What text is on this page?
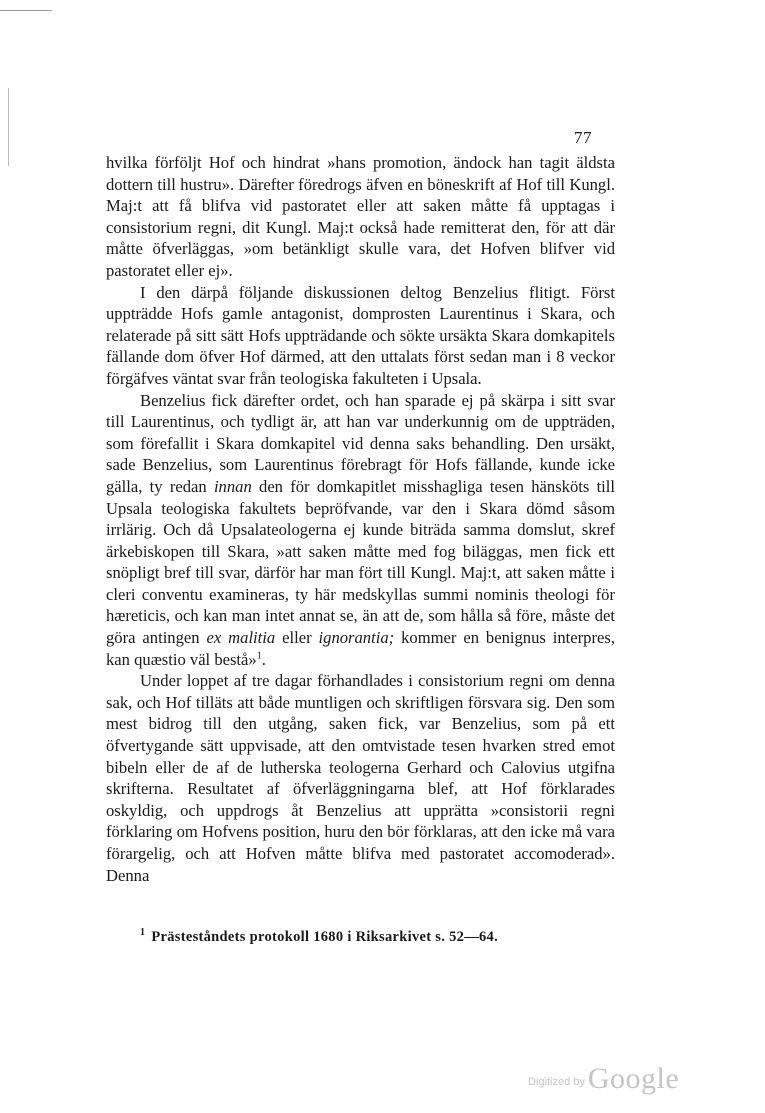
77

hvilka förföljt Hof och hindrat »hans promotion, ändock han tagit äldsta dottern till hustru». Därefter föredrogs äfven en böneskrift af Hof till Kungl. Maj:t att få blifva vid pastoratet eller att saken måtte få upptagas i consistorium regni, dit Kungl. Maj:t också hade remitterat den, för att där måtte öfverläggas, »om betänkligt skulle vara, det Hofven blifver vid pastoratet eller ej».

I den därpå följande diskussionen deltog Benzelius flitigt. Först uppträdde Hofs gamle antagonist, domprosten Laurentinus i Skara, och relaterade på sitt sätt Hofs uppträdande och sökte ursäkta Skara domkapitels fällande dom öfver Hof därmed, att den uttalats först sedan man i 8 veckor förgäfves väntat svar från teologiska fakulteten i Upsala.

Benzelius fick därefter ordet, och han sparade ej på skärpa i sitt svar till Laurentinus, och tydligt är, att han var underkunnig om de uppträden, som förefallit i Skara domkapitel vid denna saks behandling. Den ursäkt, sade Benzelius, som Laurentinus förebragt för Hofs fällande, kunde icke gälla, ty redan innan den för domkapitlet misshagliga tesen hänsköts till Upsala teologiska fakultets bepröfvande, var den i Skara dömd såsom irrlärig. Och då Upsalateologerna ej kunde biträda samma domslut, skref ärkebiskopen till Skara, »att saken måtte med fog biläggas, men fick ett snöpligt bref till svar, därför har man fört till Kungl. Maj:t, att saken måtte i cleri conventu examineras, ty här medskyllas summi nominis theologi för hæreticis, och kan man intet annat se, än att de, som hålla så före, måste det göra antingen ex malitia eller ignorantia; kommer en benignus interpres, kan quæstio väl bestå»$^1$.

Under loppet af tre dagar förhandlades i consistorium regni om denna sak, och Hof tilläts att både muntligen och skriftligen försvara sig. Den som mest bidrog till den utgång, saken fick, var Benzelius, som på ett öfvertygande sätt uppvisade, att den omtvistade tesen hvarken stred emot bibeln eller de af de lutherska teologerna Gerhard och Calovius utgifna skrifterna. Resultatet af öfverläggningarna blef, att Hof förklarades oskyldig, och uppdrogs åt Benzelius att upprätta »consistorii regni förklaring om Hofvens position, huru den bör förklaras, att den icke må vara förargelig, och att Hofven måtte blifva med pastoratet accomoderad». Denna

$^1$ Prästeståndets protokoll 1680 i Riksarkivet s. 52—64.
Digitized by Google
